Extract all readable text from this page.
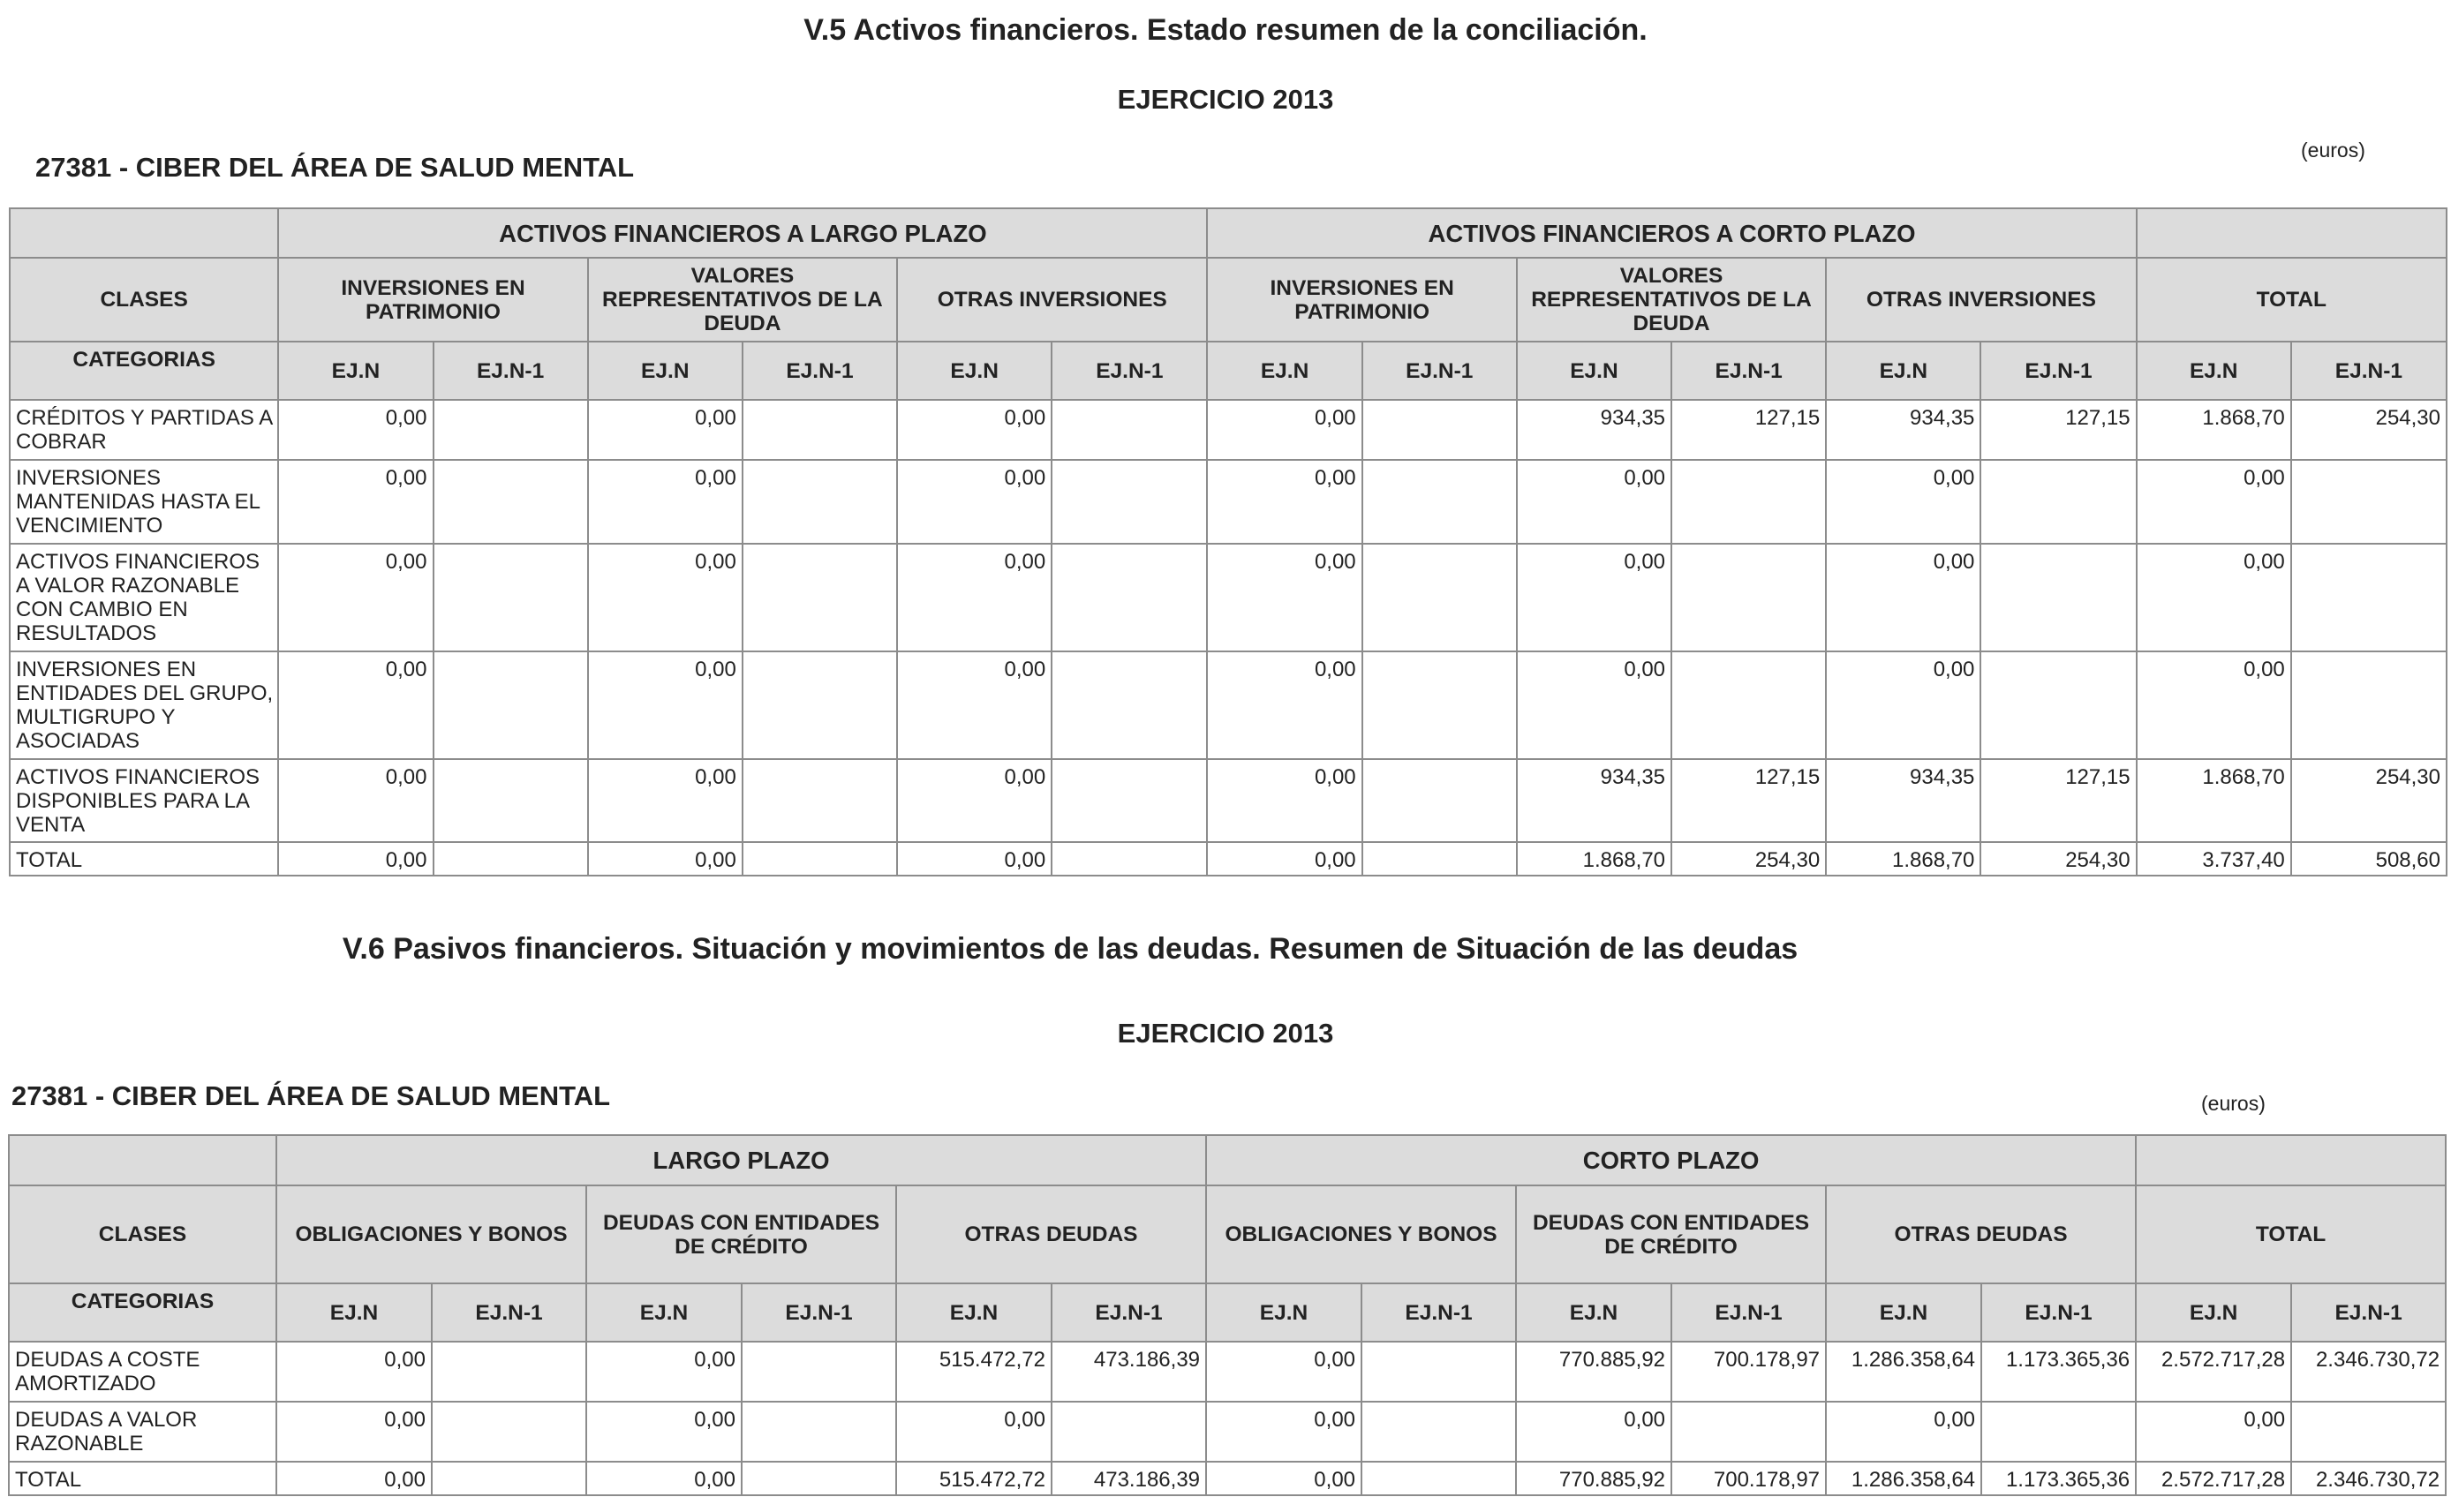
V.5 Activos financieros. Estado resumen de la conciliación.
EJERCICIO 2013
27381 - CIBER DEL ÁREA DE SALUD MENTAL
(euros)
	ACTIVOS FINANCIEROS A LARGO PLAZO						ACTIVOS FINANCIEROS A CORTO PLAZO							
CLASES	INVERSIONES EN PATRIMONIO		VALORES REPRESENTATIVOS DE LA DEUDA		OTRAS INVERSIONES		INVERSIONES EN PATRIMONIO		VALORES REPRESENTATIVOS DE LA DEUDA		OTRAS INVERSIONES		TOTAL	
CATEGORIAS	EJ.N	EJ.N-1	EJ.N	EJ.N-1	EJ.N	EJ.N-1	EJ.N	EJ.N-1	EJ.N	EJ.N-1	EJ.N	EJ.N-1	EJ.N	EJ.N-1
CRÉDITOS Y PARTIDAS A COBRAR	0,00		0,00		0,00		0,00		934,35	127,15	934,35	127,15	1.868,70	254,30
INVERSIONES MANTENIDAS HASTA EL VENCIMIENTO	0,00		0,00		0,00		0,00		0,00		0,00		0,00	
ACTIVOS FINANCIEROS A VALOR RAZONABLE CON CAMBIO EN RESULTADOS	0,00		0,00		0,00		0,00		0,00		0,00		0,00	
INVERSIONES EN ENTIDADES DEL GRUPO, MULTIGRUPO Y ASOCIADAS	0,00		0,00		0,00		0,00		0,00		0,00		0,00	
ACTIVOS FINANCIEROS DISPONIBLES PARA LA VENTA	0,00		0,00		0,00		0,00		934,35	127,15	934,35	127,15	1.868,70	254,30
TOTAL	0,00		0,00		0,00		0,00		1.868,70	254,30	1.868,70	254,30	3.737,40	508,60
V.6 Pasivos financieros. Situación y movimientos de las deudas. Resumen de Situación de las deudas
EJERCICIO 2013
27381 - CIBER DEL ÁREA DE SALUD MENTAL	(euros)
	LARGO PLAZO						CORTO PLAZO							
CLASES	OBLIGACIONES Y BONOS		DEUDAS CON ENTIDADES DE CRÉDITO		OTRAS DEUDAS		OBLIGACIONES Y BONOS		DEUDAS CON ENTIDADES DE CRÉDITO		OTRAS DEUDAS		TOTAL	
CATEGORIAS	EJ.N	EJ.N-1	EJ.N	EJ.N-1	EJ.N	EJ.N-1	EJ.N	EJ.N-1	EJ.N	EJ.N-1	EJ.N	EJ.N-1	EJ.N	EJ.N-1
DEUDAS A COSTE AMORTIZADO	0,00		0,00		515.472,72	473.186,39	0,00		770.885,92	700.178,97	1.286.358,64	1.173.365,36	2.572.717,28	2.346.730,72
DEUDAS A VALOR RAZONABLE	0,00		0,00		0,00		0,00		0,00		0,00		0,00	
TOTAL	0,00		0,00		515.472,72	473.186,39	0,00		770.885,92	700.178,97	1.286.358,64	1.173.365,36	2.572.717,28	2.346.730,72
